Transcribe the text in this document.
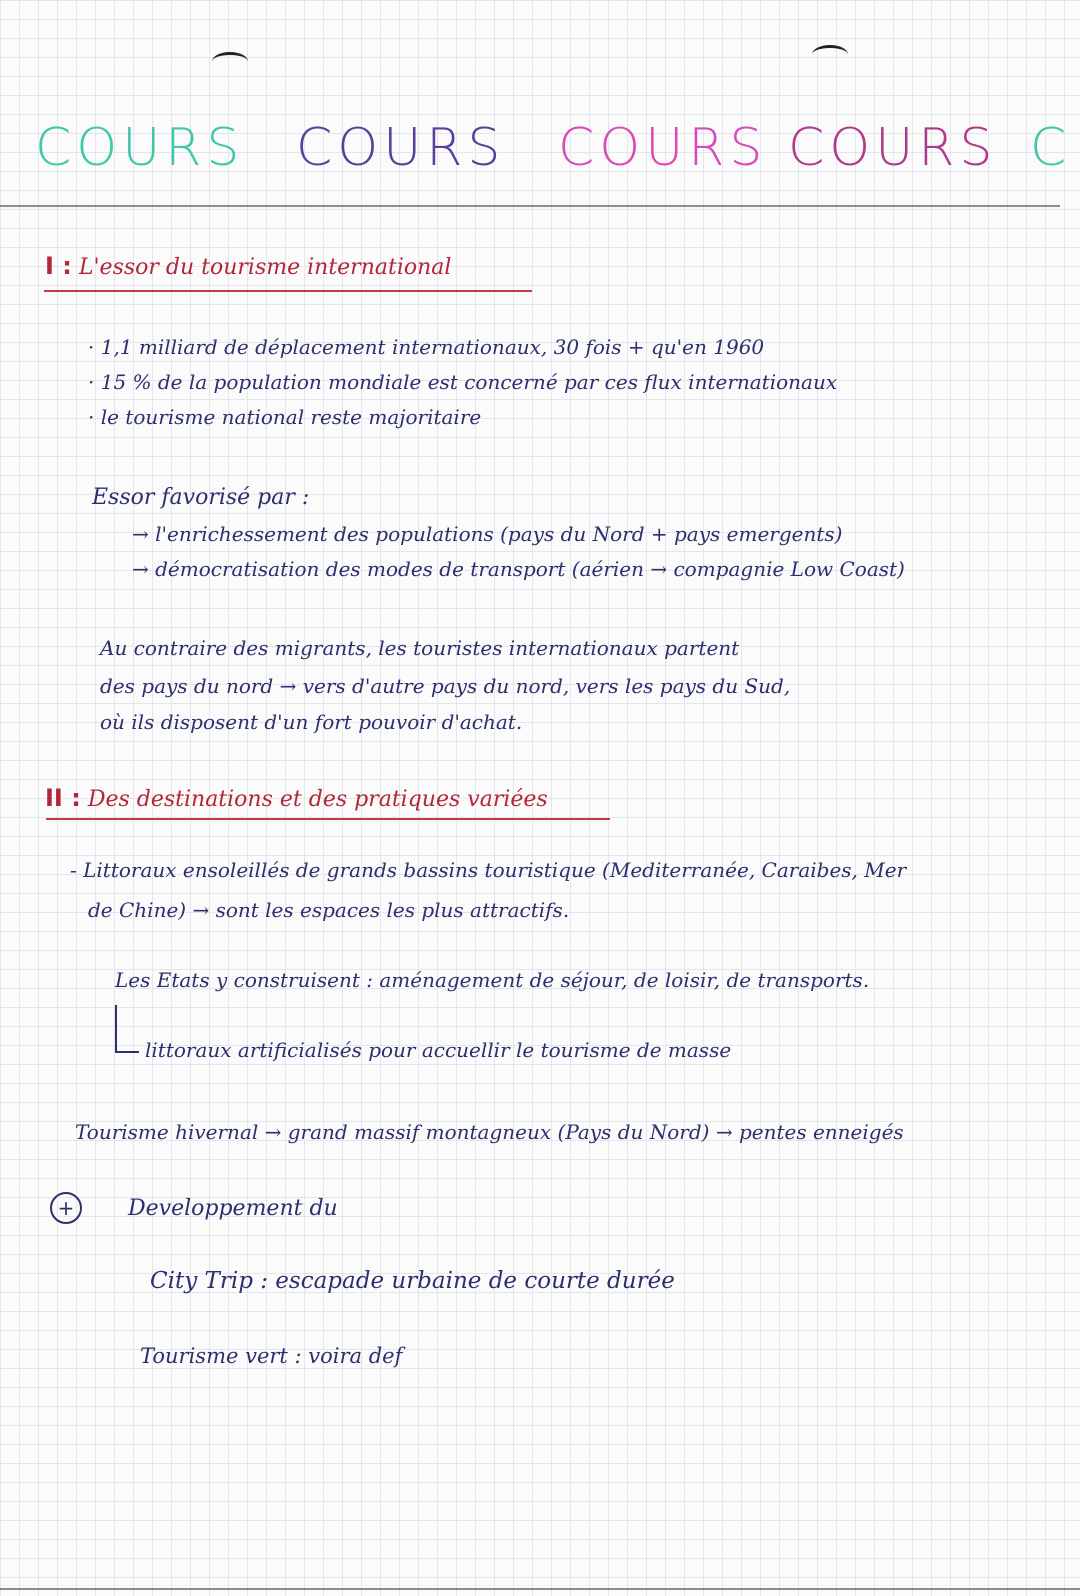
COURS COURS COURS COURS C
I : L'essor du tourisme international
· 1,1 milliard de déplacement internationaux, 30 fois + qu'en 1960
· 15 % de la population mondiale est concerné par ces flux internationaux
· le tourisme national reste majoritaire
Essor favorisé par :
→ l'enrichessement des populations (pays du Nord + pays emergents)
→ démocratisation des modes de transport (aérien → compagnie Low Coast)
Au contraire des migrants, les touristes internationaux partent
des pays du nord → vers d'autre pays du nord, vers les pays du Sud,
où ils disposent d'un fort pouvoir d'achat.
II : Des destinations et des pratiques variées
- Littoraux ensoleillés de grands bassins touristique (Mediterranée, Caraibes, Mer
de Chine) → sont les espaces les plus attractifs.
Les Etats y construisent : aménagement de séjour, de loisir, de transports.
littoraux artificialisés pour accuellir le tourisme de masse
Tourisme hivernal → grand massif montagneux (Pays du Nord) → pentes enneigés
+	Developpement du
City Trip : escapade urbaine de courte durée
Tourisme vert : voira def
